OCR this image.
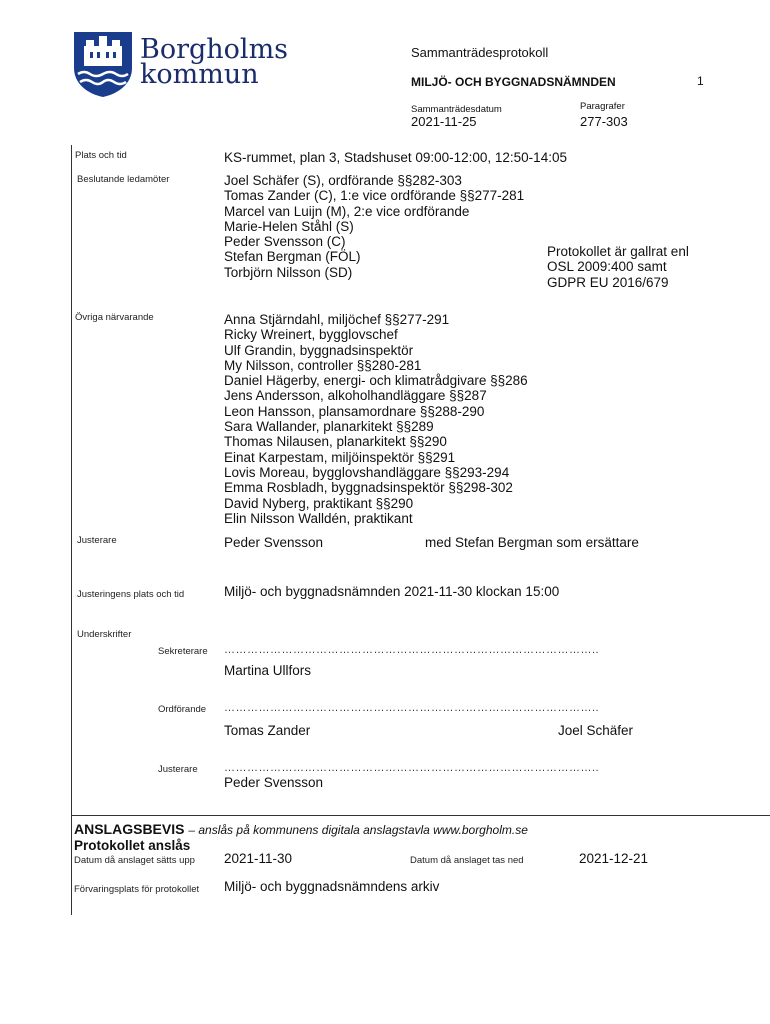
Borgholms
kommun
Sammanträdesprotokoll
MILJÖ- OCH BYGGNADSNÄMNDEN	1
Sammanträdesdatum
2021-11-25
Paragrafer
277-303
Plats och tid	KS-rummet, plan 3, Stadshuset 09:00-12:00, 12:50-14:05
Beslutande ledamöter	Joel Schäfer (S), ordförande §§282-303
Tomas Zander (C), 1:e vice ordförande §§277-281
Marcel van Luijn (M), 2:e vice ordförande
Marie-Helen Ståhl (S)
Peder Svensson (C)
Stefan Bergman (FÖL)
Torbjörn Nilsson (SD)
Protokollet är gallrat enl
OSL 2009:400 samt
GDPR EU 2016/679
Övriga närvarande	Anna Stjärndahl, miljöchef §§277-291
Ricky Wreinert, bygglovschef
Ulf Grandin, byggnadsinspektör
My Nilsson, controller §§280-281
Daniel Hägerby, energi- och klimatrådgivare §§286
Jens Andersson, alkoholhandläggare §§287
Leon Hansson, plansamordnare §§288-290
Sara Wallander, planarkitekt §§289
Thomas Nilausen, planarkitekt §§290
Einat Karpestam, miljöinspektör §§291
Lovis Moreau, bygglovshandläggare §§293-294
Emma Rosbladh, byggnadsinspektör §§298-302
David Nyberg, praktikant §§290
Elin Nilsson Walldén, praktikant
Justerare	Peder Svensson	med Stefan Bergman som ersättare
Justeringens plats och tid	Miljö- och byggnadsnämnden 2021-11-30 klockan 15:00
Underskrifter
Sekreterare ……………………………………………………………………………………..
Martina Ullfors
Ordförande ……………………………………………………………………………………..
Tomas Zander	Joel Schäfer
Justerare ……………………………………………………………………………………..
Peder Svensson
ANSLAGSBEVIS – anslås på kommunens digitala anslagstavla www.borgholm.se
Protokollet anslås
Datum då anslaget sätts upp 2021-11-30	Datum då anslaget tas ned	2021-12-21
Förvaringsplats för protokollet Miljö- och byggnadsnämndens arkiv
